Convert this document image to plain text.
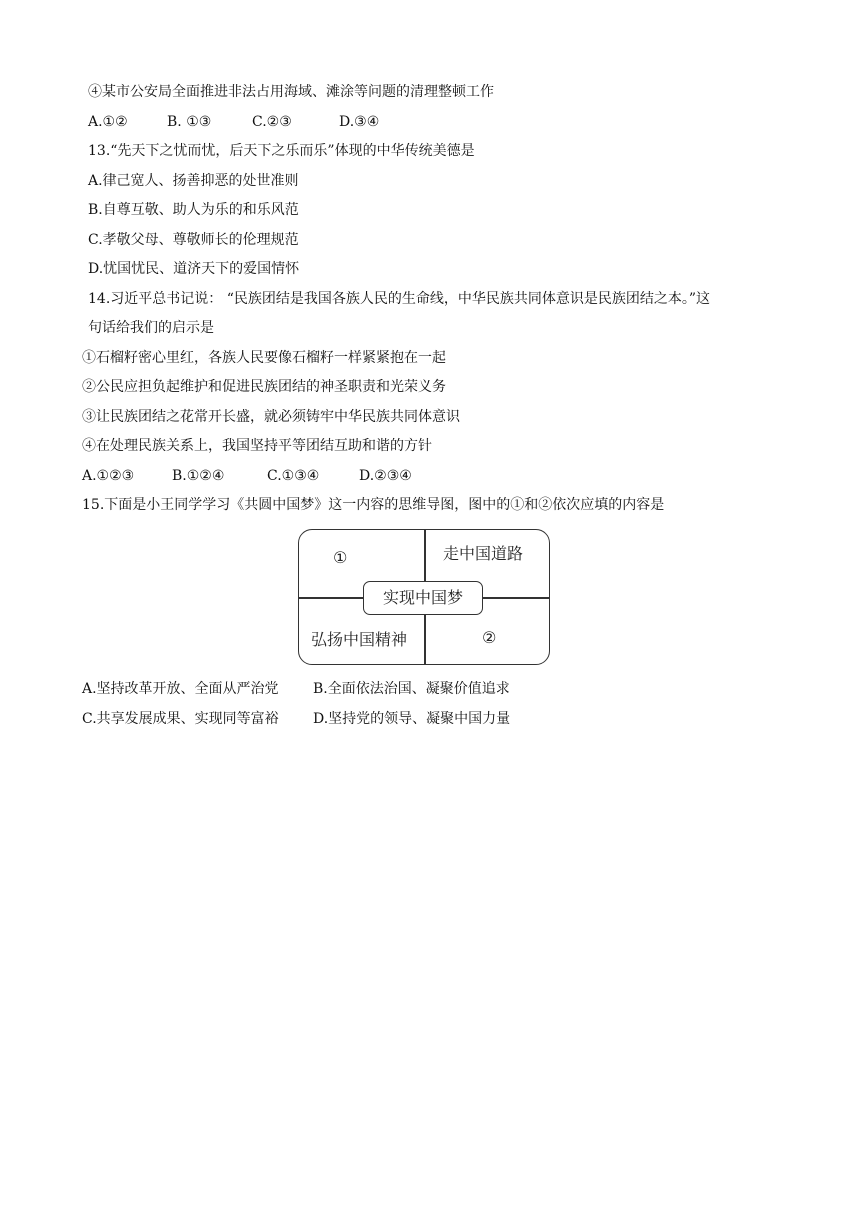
④某市公安局全面推进非法占用海域、滩涂等问题的清理整顿工作
A.①②	B. ①③	C.②③	D.③④
13.“先天下之忧而忧，后天下之乐而乐”体现的中华传统美德是
A.律己宽人、扬善抑恶的处世准则
B.自尊互敬、助人为乐的和乐风范
C.孝敬父母、尊敬师长的伦理规范
D.忧国忧民、道济天下的爱国情怀
14.习近平总书记说： “民族团结是我国各族人民的生命线，中华民族共同体意识是民族团结之本。”这
句话给我们的启示是
①石榴籽密心里红，各族人民要像石榴籽一样紧紧抱在一起
②公民应担负起维护和促进民族团结的神圣职责和光荣义务
③让民族团结之花常开长盛，就必须铸牢中华民族共同体意识
④在处理民族关系上，我国坚持平等团结互助和谐的方针
A.①②③	B.①②④	C.①③④	D.②③④
15.下面是小王同学学习《共圆中国梦》这一内容的思维导图，图中的①和②依次应填的内容是
①	走中国道路
弘扬中国精神	②
实现中国梦
A.坚持改革开放、全面从严治党 B.全面依法治国、凝聚价值追求
C.共享发展成果、实现同等富裕 D.坚持党的领导、凝聚中国力量
